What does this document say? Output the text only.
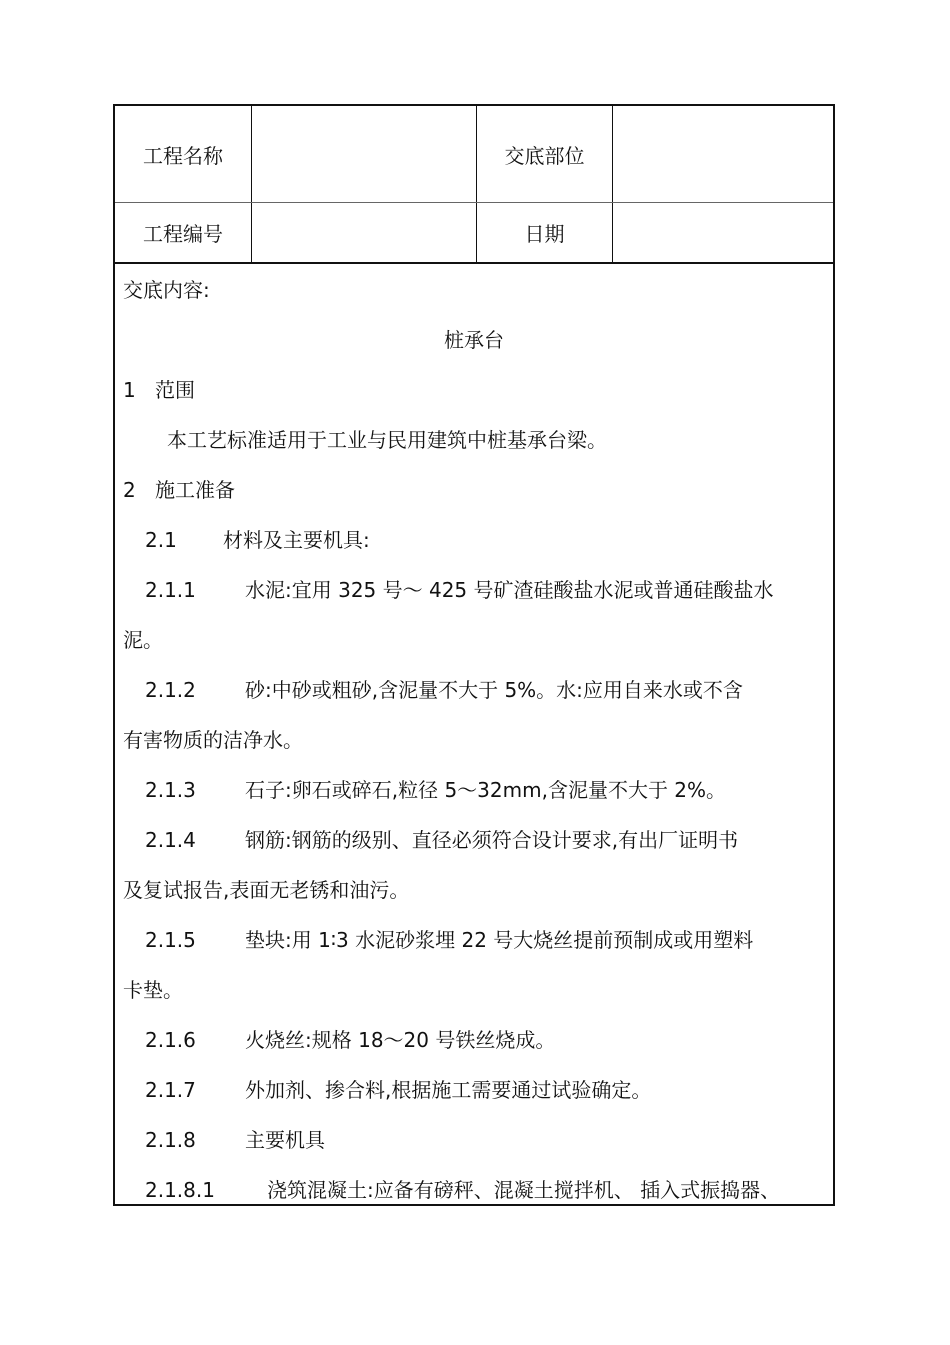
工程名称	交底部位
工程编号	日期
交底内容:
桩承台
1 范围
本工艺标准适用于工业与民用建筑中桩基承台梁。
2 施工准备
2.1 材料及主要机具:
2.1.1 水泥:宜用 325 号～ 425 号矿渣硅酸盐水泥或普通硅酸盐水
泥。
2.1.2 砂:中砂或粗砂,含泥量不大于 5%。水:应用自来水或不含
有害物质的洁净水。
2.1.3 石子:卵石或碎石,粒径 5～32mm,含泥量不大于 2%。
2.1.4 钢筋:钢筋的级别、直径必须符合设计要求,有出厂证明书
及复试报告,表面无老锈和油污。
2.1.5 垫块:用 1∶3 水泥砂浆埋 22 号大烧丝提前预制成或用塑料
卡垫。
2.1.6 火烧丝:规格 18～20 号铁丝烧成。
2.1.7 外加剂、掺合料,根据施工需要通过试验确定。
2.1.8 主要机具
2.1.8.1	浇筑混凝土:应备有磅秤、混凝土搅拌机、 插入式振捣器、
